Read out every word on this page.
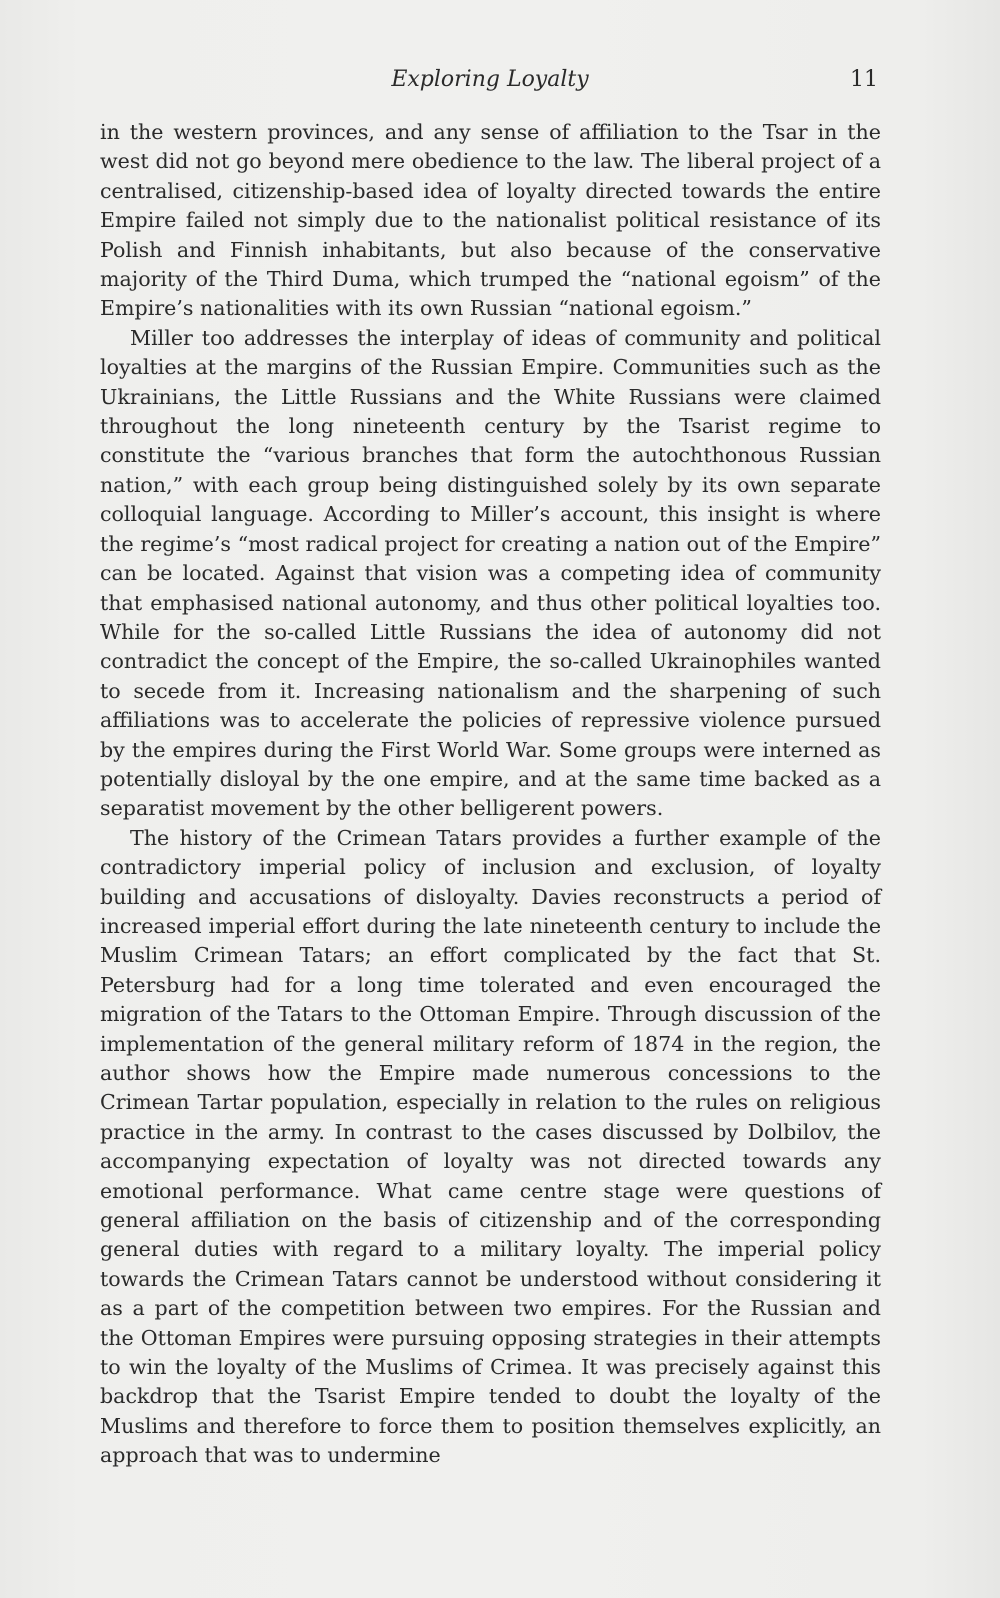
Exploring Loyalty	11

in the western provinces, and any sense of affiliation to the Tsar in the west did not go beyond mere obedience to the law. The liberal project of a centralised, citizenship-based idea of loyalty directed towards the entire Empire failed not simply due to the nationalist political resistance of its Polish and Finnish inhabitants, but also because of the conservative majority of the Third Duma, which trumped the “national egoism” of the Empire’s nationalities with its own Russian “national egoism.”

Miller too addresses the interplay of ideas of community and political loyalties at the margins of the Russian Empire. Communities such as the Ukrainians, the Little Russians and the White Russians were claimed throughout the long nineteenth century by the Tsarist regime to constitute the “various branches that form the autochthonous Russian nation,” with each group being distinguished solely by its own separate colloquial language. According to Miller’s account, this insight is where the regime’s “most radical project for creating a nation out of the Empire” can be located. Against that vision was a competing idea of community that emphasised national autonomy, and thus other political loyalties too. While for the so-called Little Russians the idea of autonomy did not contradict the concept of the Empire, the so-called Ukrainophiles wanted to secede from it. Increasing nationalism and the sharpening of such affiliations was to accelerate the policies of repressive violence pursued by the empires during the First World War. Some groups were interned as potentially disloyal by the one empire, and at the same time backed as a separatist movement by the other belligerent powers.

The history of the Crimean Tatars provides a further example of the contradictory imperial policy of inclusion and exclusion, of loyalty building and accusations of disloyalty. Davies reconstructs a period of increased imperial effort during the late nineteenth century to include the Muslim Crimean Tatars; an effort complicated by the fact that St. Petersburg had for a long time tolerated and even encouraged the migration of the Tatars to the Ottoman Empire. Through discussion of the implementation of the general military reform of 1874 in the region, the author shows how the Empire made numerous concessions to the Crimean Tartar population, especially in relation to the rules on religious practice in the army. In contrast to the cases discussed by Dolbilov, the accompanying expectation of loyalty was not directed towards any emotional performance. What came centre stage were questions of general affiliation on the basis of citizenship and of the corresponding general duties with regard to a military loyalty. The imperial policy towards the Crimean Tatars cannot be understood without considering it as a part of the competition between two empires. For the Russian and the Ottoman Empires were pursuing opposing strategies in their attempts to win the loyalty of the Muslims of Crimea. It was precisely against this backdrop that the Tsarist Empire tended to doubt the loyalty of the Muslims and therefore to force them to position themselves explicitly, an approach that was to undermine
